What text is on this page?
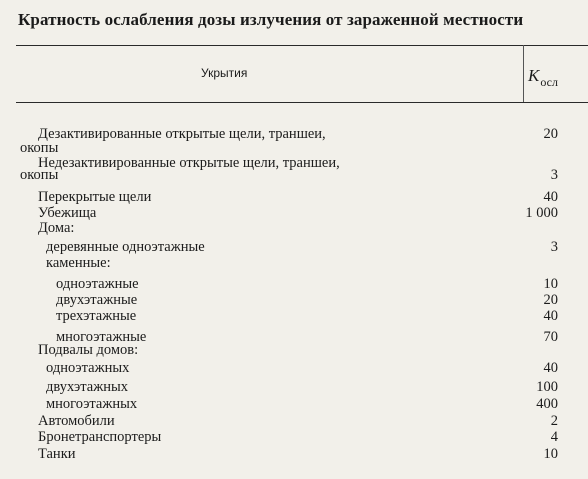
Кратность ослабления дозы излучения от зараженной местности
Укрытия	$K_{осл}$
Дезактивированные открытые щели, траншеи,	20
окопы
Недезактивированные открытые щели, траншеи,
окопы	3
Перекрытые щели	40
Убежища	1 000
Дома:
деревянные одноэтажные	3
каменные:
одноэтажные	10
двухэтажные	20
трехэтажные	40
многоэтажные	70
Подвалы домов:
одноэтажных	40
двухэтажных	100
многоэтажных	400
Автомобили	2
Бронетранспортеры	4
Танки	10
